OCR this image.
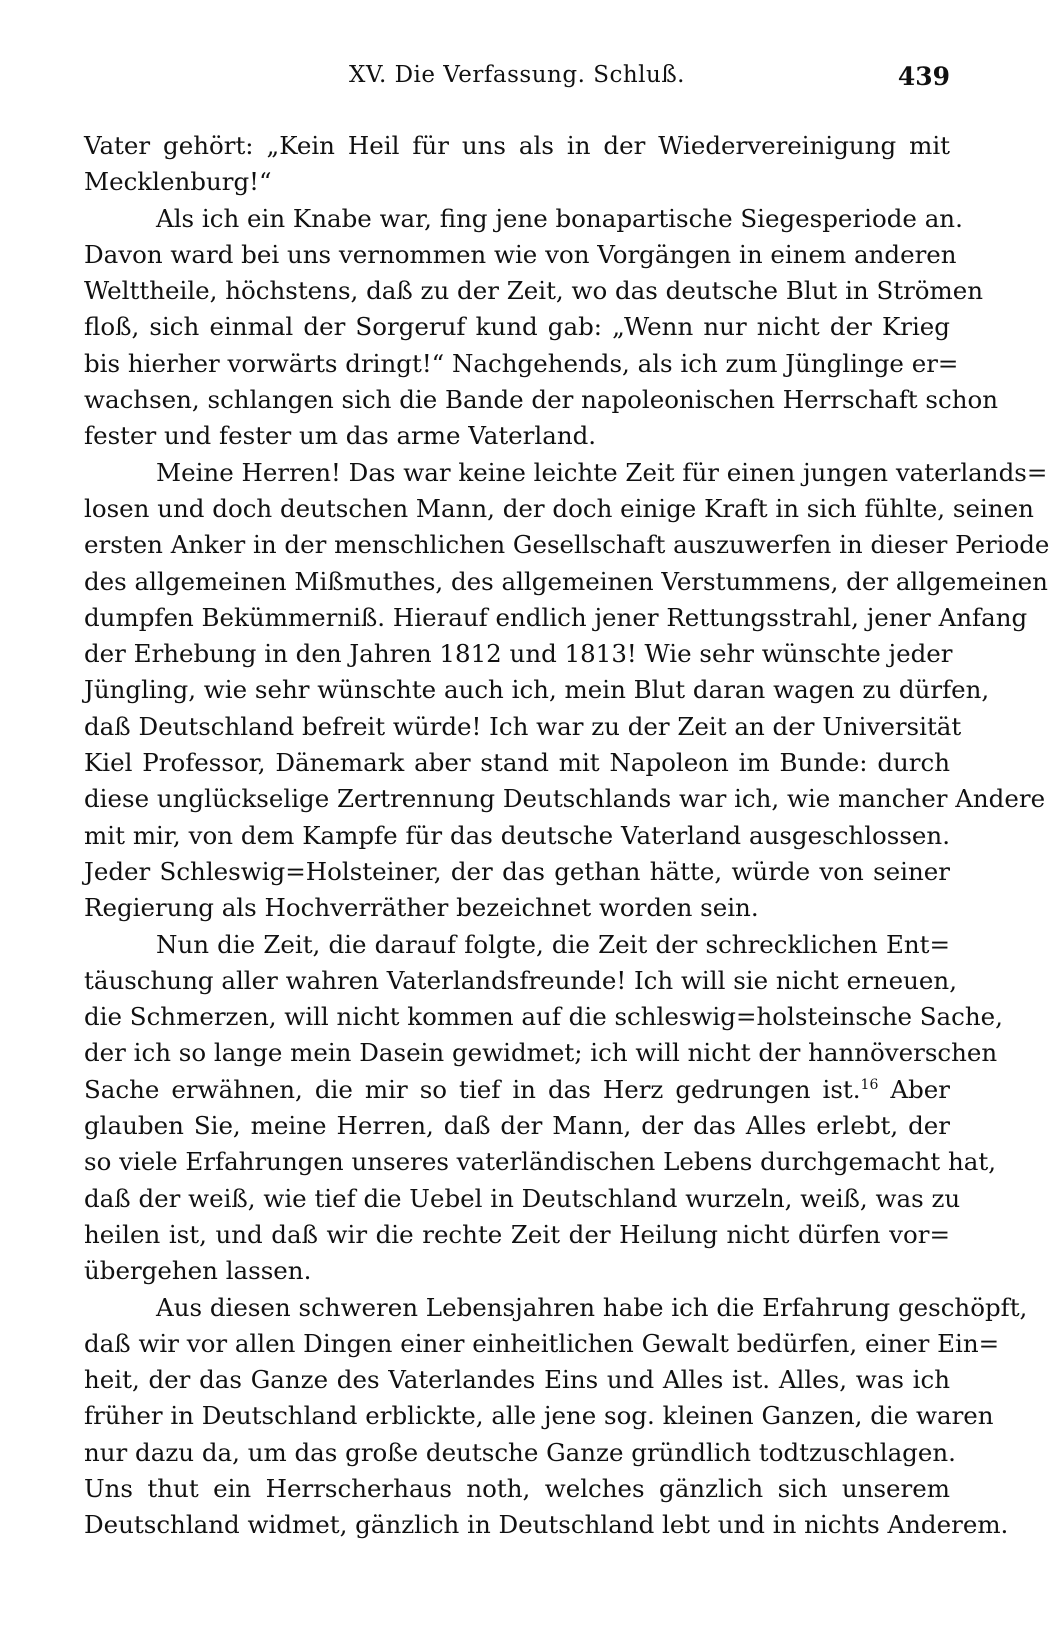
XV. Die Verfassung. Schluß.	439
Vater gehört: „Kein Heil für uns als in der Wiedervereinigung mit
Mecklenburg!“
Als ich ein Knabe war, fing jene bonapartische Siegesperiode an.
Davon ward bei uns vernommen wie von Vorgängen in einem anderen
Welttheile, höchstens, daß zu der Zeit, wo das deutsche Blut in Strömen
floß, sich einmal der Sorgeruf kund gab: „Wenn nur nicht der Krieg
bis hierher vorwärts dringt!“ Nachgehends, als ich zum Jünglinge er=
wachsen, schlangen sich die Bande der napoleonischen Herrschaft schon
fester und fester um das arme Vaterland.
Meine Herren! Das war keine leichte Zeit für einen jungen vaterlands=
losen und doch deutschen Mann, der doch einige Kraft in sich fühlte, seinen
ersten Anker in der menschlichen Gesellschaft auszuwerfen in dieser Periode
des allgemeinen Mißmuthes, des allgemeinen Verstummens, der allgemeinen
dumpfen Bekümmerniß. Hierauf endlich jener Rettungsstrahl, jener Anfang
der Erhebung in den Jahren 1812 und 1813! Wie sehr wünschte jeder
Jüngling, wie sehr wünschte auch ich, mein Blut daran wagen zu dürfen,
daß Deutschland befreit würde! Ich war zu der Zeit an der Universität
Kiel Professor, Dänemark aber stand mit Napoleon im Bunde: durch
diese unglückselige Zertrennung Deutschlands war ich, wie mancher Andere
mit mir, von dem Kampfe für das deutsche Vaterland ausgeschlossen.
Jeder Schleswig=Holsteiner, der das gethan hätte, würde von seiner
Regierung als Hochverräther bezeichnet worden sein.
Nun die Zeit, die darauf folgte, die Zeit der schrecklichen Ent=
täuschung aller wahren Vaterlandsfreunde! Ich will sie nicht erneuen,
die Schmerzen, will nicht kommen auf die schleswig=holsteinsche Sache,
der ich so lange mein Dasein gewidmet; ich will nicht der hannöverschen
Sache erwähnen, die mir so tief in das Herz gedrungen ist.$^{16}$ Aber
glauben Sie, meine Herren, daß der Mann, der das Alles erlebt, der
so viele Erfahrungen unseres vaterländischen Lebens durchgemacht hat,
daß der weiß, wie tief die Uebel in Deutschland wurzeln, weiß, was zu
heilen ist, und daß wir die rechte Zeit der Heilung nicht dürfen vor=
übergehen lassen.
Aus diesen schweren Lebensjahren habe ich die Erfahrung geschöpft,
daß wir vor allen Dingen einer einheitlichen Gewalt bedürfen, einer Ein=
heit, der das Ganze des Vaterlandes Eins und Alles ist. Alles, was ich
früher in Deutschland erblickte, alle jene sog. kleinen Ganzen, die waren
nur dazu da, um das große deutsche Ganze gründlich todtzuschlagen.
Uns thut ein Herrscherhaus noth, welches gänzlich sich unserem
Deutschland widmet, gänzlich in Deutschland lebt und in nichts Anderem.
